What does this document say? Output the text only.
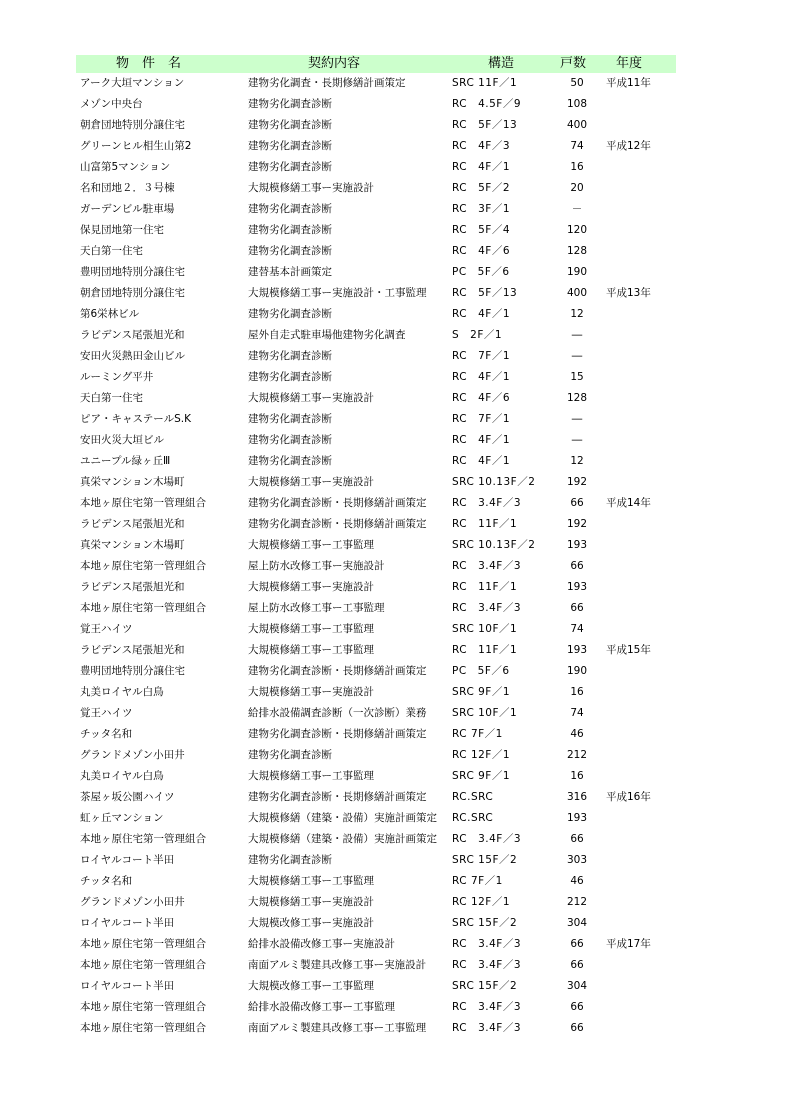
物　件　名	契約内容	構造	戸数 年度
アーク大垣マンション	建物劣化調査・長期修繕計画策定	SRC 11F／1	50	平成11年
メゾン中央台	建物劣化調査診断	RC　4.5F／9	108
朝倉団地特別分譲住宅	建物劣化調査診断	RC　5F／13	400
グリーンヒル相生山第2	建物劣化調査診断	RC　4F／3	74	平成12年
山富第5マンション	建物劣化調査診断	RC　4F／1	16
名和団地２．３号棟	大規模修繕工事ー実施設計	RC　5F／2	20
ガーデンビル駐車場	建物劣化調査診断	RC　3F／1	－
保見団地第一住宅	建物劣化調査診断	RC　5F／4	120
天白第一住宅	建物劣化調査診断	RC　4F／6	128
豊明団地特別分譲住宅	建替基本計画策定	PC　5F／6	190
朝倉団地特別分譲住宅	大規模修繕工事ー実施設計・工事監理	RC　5F／13	400	平成13年
第6栄林ビル	建物劣化調査診断	RC　4F／1	12
ラビデンス尾張旭光和	屋外自走式駐車場他建物劣化調査	S　2F／1	―
安田火災熱田金山ビル	建物劣化調査診断	RC　7F／1	―
ルーミング平井	建物劣化調査診断	RC　4F／1	15
天白第一住宅	大規模修繕工事ー実施設計	RC　4F／6	128
ピア・キャステールS.K	建物劣化調査診断	RC　7F／1	―
安田火災大垣ビル	建物劣化調査診断	RC　4F／1	―
ユニープル緑ヶ丘Ⅲ	建物劣化調査診断	RC　4F／1	12
真栄マンション木場町	大規模修繕工事ー実施設計	SRC 10.13F／2	192
本地ヶ原住宅第一管理組合	建物劣化調査診断・長期修繕計画策定	RC　3.4F／3	66	平成14年
ラビデンス尾張旭光和	建物劣化調査診断・長期修繕計画策定	RC　11F／1	192
真栄マンション木場町	大規模修繕工事ー工事監理	SRC 10.13F／2	193
本地ヶ原住宅第一管理組合	屋上防水改修工事ー実施設計	RC　3.4F／3	66
ラビデンス尾張旭光和	大規模修繕工事ー実施設計	RC　11F／1	193
本地ヶ原住宅第一管理組合	屋上防水改修工事ー工事監理	RC　3.4F／3	66
覚王ハイツ	大規模修繕工事ー工事監理	SRC 10F／1	74
ラビデンス尾張旭光和	大規模修繕工事ー工事監理	RC　11F／1	193	平成15年
豊明団地特別分譲住宅	建物劣化調査診断・長期修繕計画策定	PC　5F／6	190
丸美ロイヤル白鳥	大規模修繕工事ー実施設計	SRC 9F／1	16
覚王ハイツ	給排水設備調査診断（一次診断）業務	SRC 10F／1	74
チッタ名和	建物劣化調査診断・長期修繕計画策定	RC 7F／1	46
グランドメゾン小田井	建物劣化調査診断	RC 12F／1	212
丸美ロイヤル白鳥	大規模修繕工事ー工事監理	SRC 9F／1	16
茶屋ヶ坂公園ハイツ	建物劣化調査診断・長期修繕計画策定	RC.SRC	316	平成16年
虹ヶ丘マンション	大規模修繕（建築・設備）実施計画策定	RC.SRC	193
本地ヶ原住宅第一管理組合	大規模修繕（建築・設備）実施計画策定	RC　3.4F／3	66
ロイヤルコート半田	建物劣化調査診断	SRC 15F／2	303
チッタ名和	大規模修繕工事ー工事監理	RC 7F／1	46
グランドメゾン小田井	大規模修繕工事ー実施設計	RC 12F／1	212
ロイヤルコート半田	大規模改修工事ー実施設計	SRC 15F／2	304
本地ヶ原住宅第一管理組合	給排水設備改修工事ー実施設計	RC　3.4F／3	66	平成17年
本地ヶ原住宅第一管理組合	南面アルミ製建具改修工事ー実施設計	RC　3.4F／3	66
ロイヤルコート半田	大規模改修工事ー工事監理	SRC 15F／2	304
本地ヶ原住宅第一管理組合	給排水設備改修工事ー工事監理	RC　3.4F／3	66
本地ヶ原住宅第一管理組合	南面アルミ製建具改修工事ー工事監理	RC　3.4F／3	66
